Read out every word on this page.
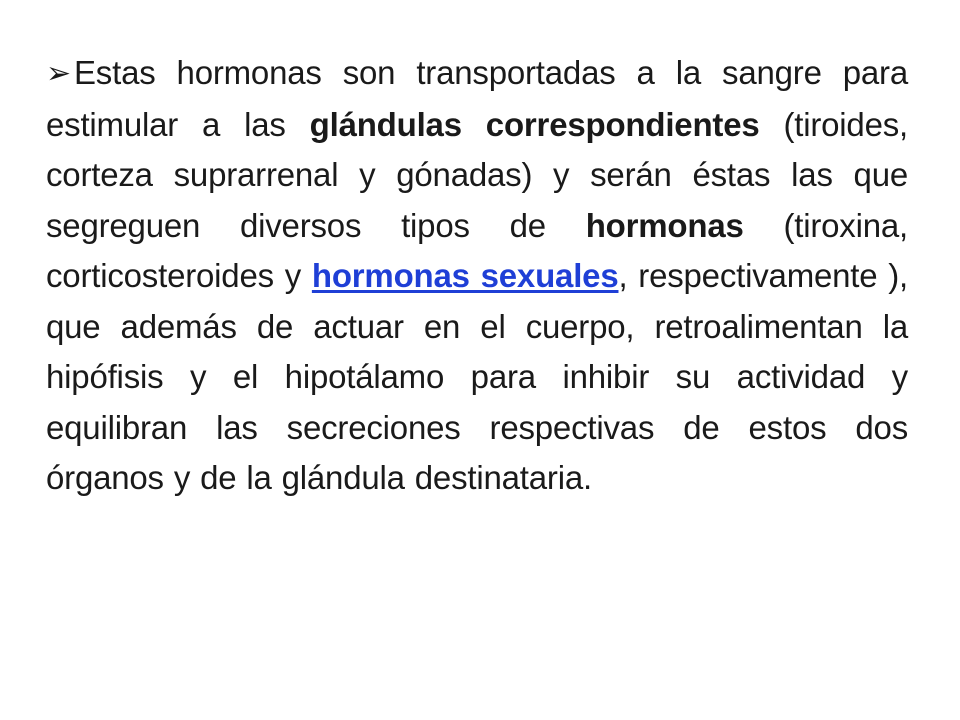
➢Estas hormonas son transportadas a la sangre para estimular a las glándulas correspondientes (tiroides, corteza suprarrenal y gónadas) y serán éstas las que segreguen diversos tipos de hormonas (tiroxina, corticosteroides y hormonas sexuales, respectivamente ), que además de actuar en el cuerpo, retroalimentan la hipófisis y el hipotálamo para inhibir su actividad y equilibran las secreciones respectivas de estos dos órganos y de la glándula destinataria.
